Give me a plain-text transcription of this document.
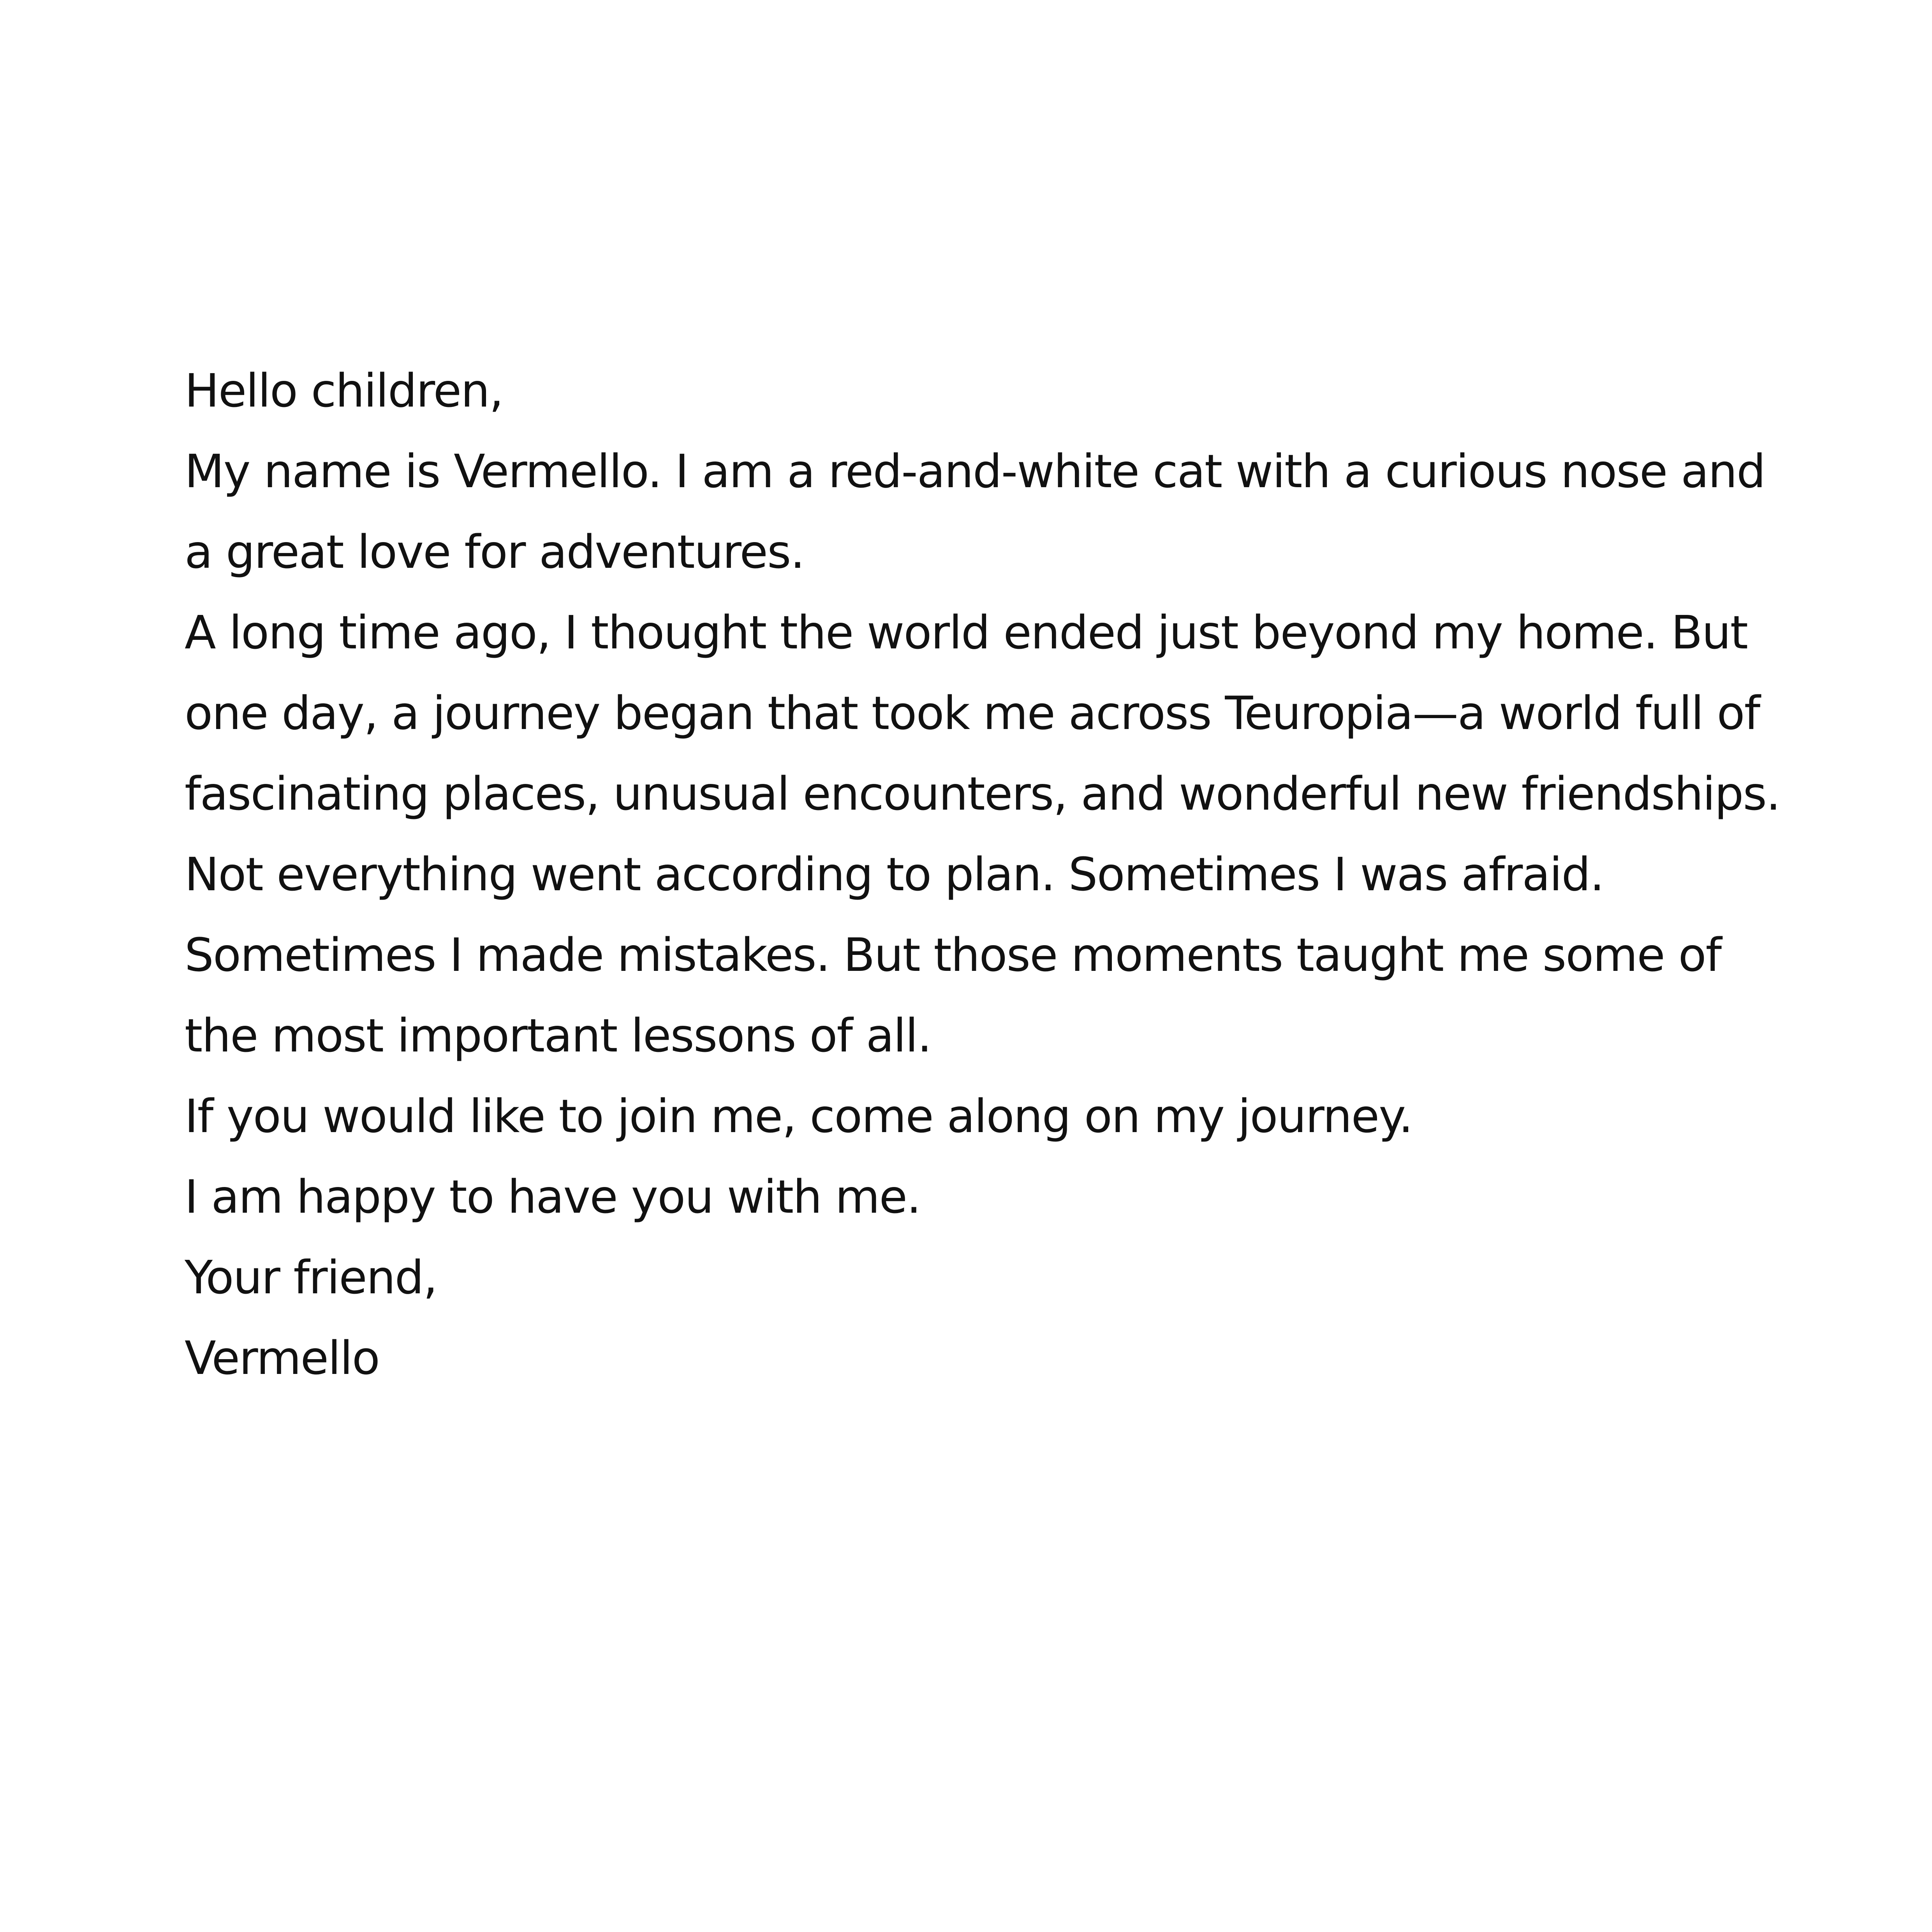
Hello children,

My name is Vermello. I am a red-and-white cat with a curious nose and a great love for adventures.

A long time ago, I thought the world ended just beyond my home. But one day, a journey began that took me across Teuropia—a world full of fascinating places, unusual encounters, and wonderful new friendships.

Not everything went according to plan. Sometimes I was afraid. Sometimes I made mistakes. But those moments taught me some of the most important lessons of all.

If you would like to join me, come along on my journey.

I am happy to have you with me.

Your friend,

Vermello
